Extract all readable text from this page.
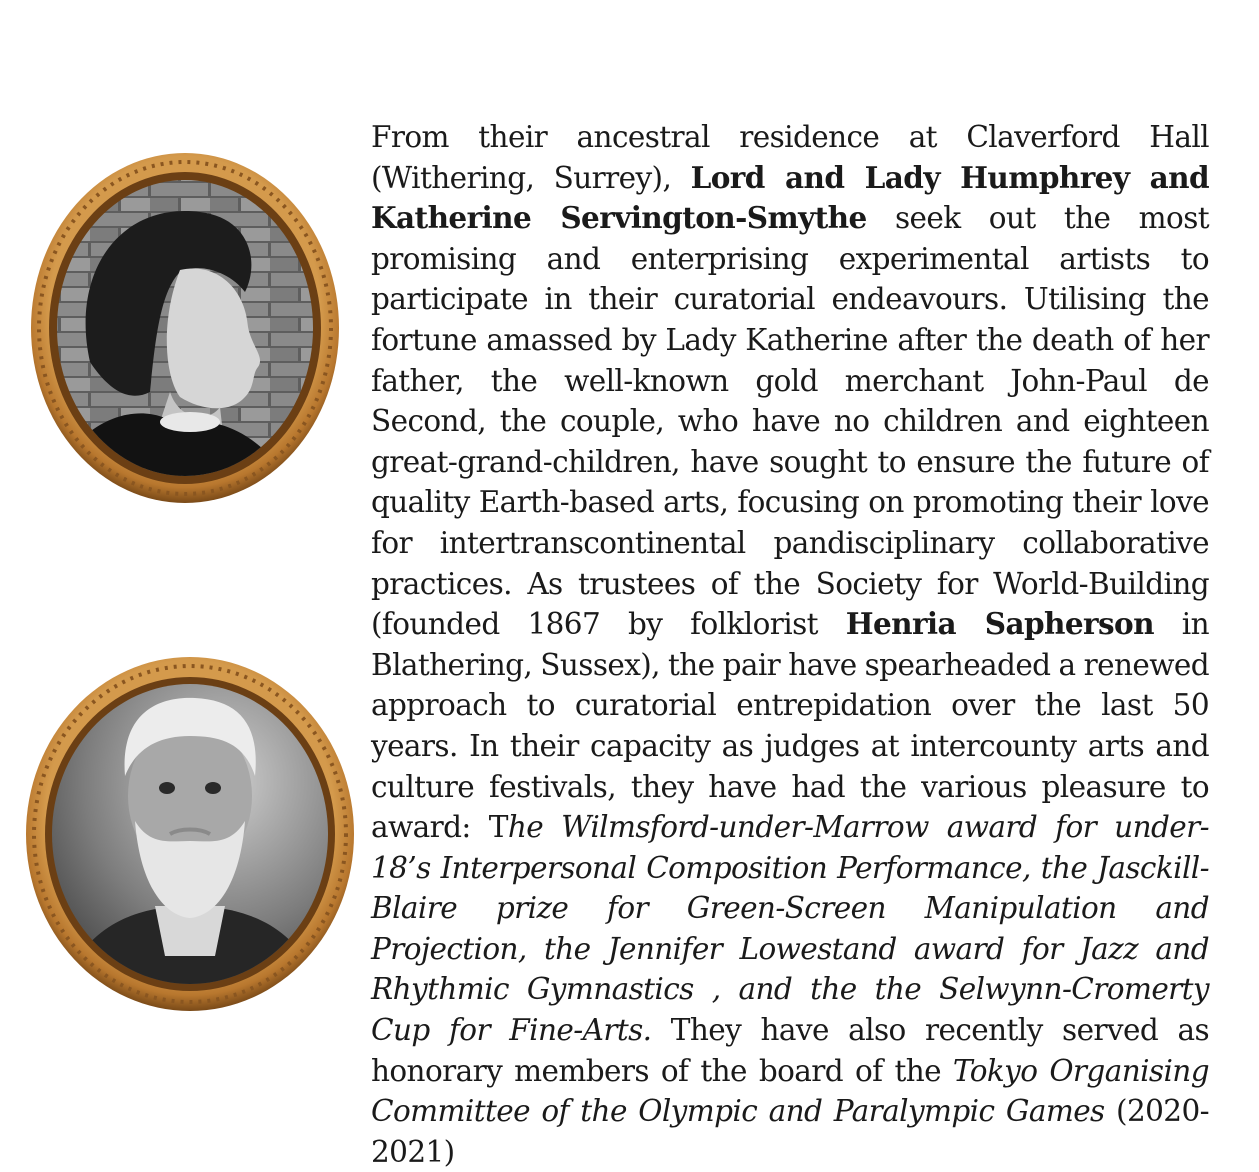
From their ancestral residence at Claverford Hall (Withering, Surrey), Lord and Lady Humphrey and Katherine Servington-Smythe seek out the most promising and enterprising experimental artists to participate in their curatorial endeavours. Utilising the fortune amassed by Lady Katherine after the death of her father, the well-known gold merchant John-Paul de Second, the couple, who have no children and eighteen great-grand-children, have sought to ensure the future of quality Earth-based arts, focusing on promoting their love for intertranscontinental pandisciplinary collaborative practices. As trustees of the Society for World-Building (founded 1867 by folklorist Henria Sapherson in Blathering, Sussex), the pair have spearheaded a renewed approach to curatorial entrepidation over the last 50 years. In their capacity as judges at intercounty arts and culture festivals, they have had the various pleasure to award: The Wilmsford-under-Marrow award for under-18’s Interpersonal Composition Performance, the Jasckill-Blaire prize for Green-Screen Manipulation and Projection, the Jennifer Lowestand award for Jazz and Rhythmic Gymnastics , and the the Selwynn-Cromerty Cup for Fine-Arts. They have also recently served as honorary members of the board of the Tokyo Organising Committee of the Olympic and Paralympic Games (2020-2021)
